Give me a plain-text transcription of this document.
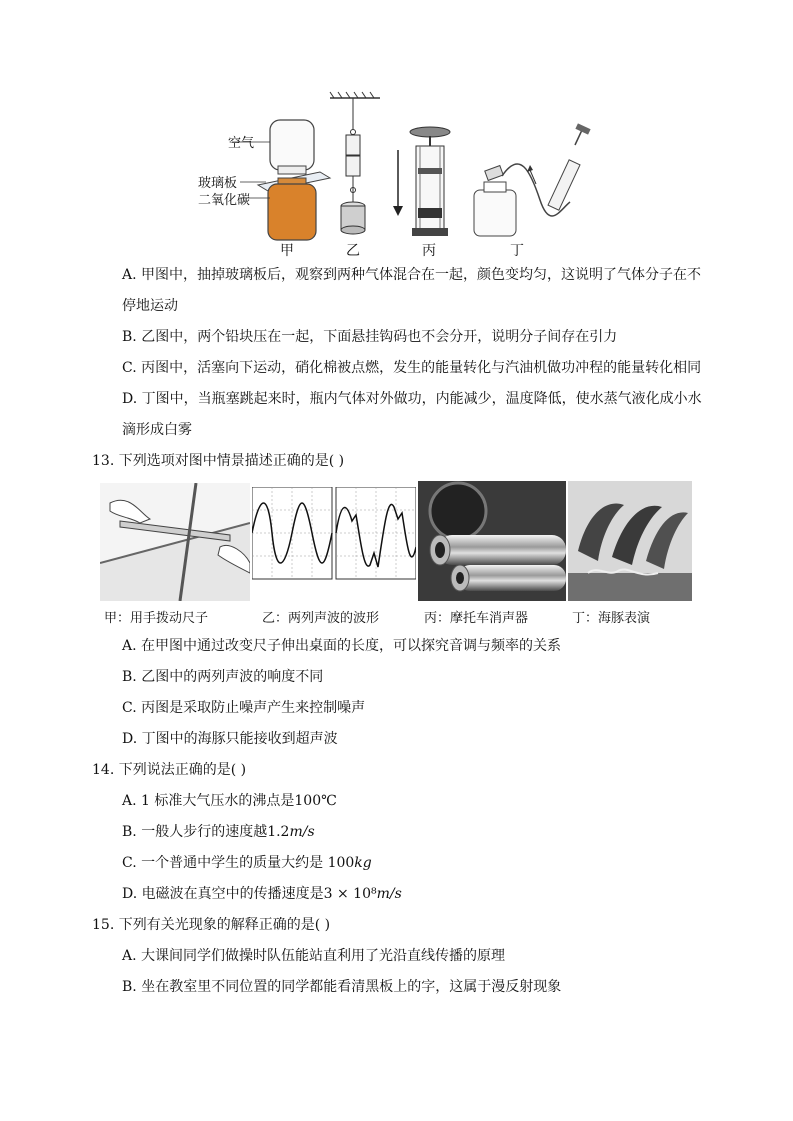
空气
玻璃板
二氧化碳
甲	乙	丙	丁
A. 甲图中，抽掉玻璃板后，观察到两种气体混合在一起，颜色变均匀，这说明了气体分子在不
停地运动
B. 乙图中，两个铅块压在一起，下面悬挂钩码也不会分开，说明分子间存在引力
C. 丙图中，活塞向下运动，硝化棉被点燃，发生的能量转化与汽油机做功冲程的能量转化相同
D. 丁图中，当瓶塞跳起来时，瓶内气体对外做功，内能减少，温度降低，使水蒸气液化成小水
滴形成白雾
13. 下列选项对图中情景描述正确的是( )
甲：用手拨动尺子	乙：两列声波的波形	丙：摩托车消声器	丁：海豚表演
A. 在甲图中通过改变尺子伸出桌面的长度，可以探究音调与频率的关系
B. 乙图中的两列声波的响度不同
C. 丙图是采取防止噪声产生来控制噪声
D. 丁图中的海豚只能接收到超声波
14. 下列说法正确的是( )
A. 1 标准大气压水的沸点是100℃
B. 一般人步行的速度越1.2m/s
C. 一个普通中学生的质量大约是 100kg
D. 电磁波在真空中的传播速度是3 × 10⁸m/s
15. 下列有关光现象的解释正确的是( )
A. 大课间同学们做操时队伍能站直利用了光沿直线传播的原理
B. 坐在教室里不同位置的同学都能看清黑板上的字，这属于漫反射现象
